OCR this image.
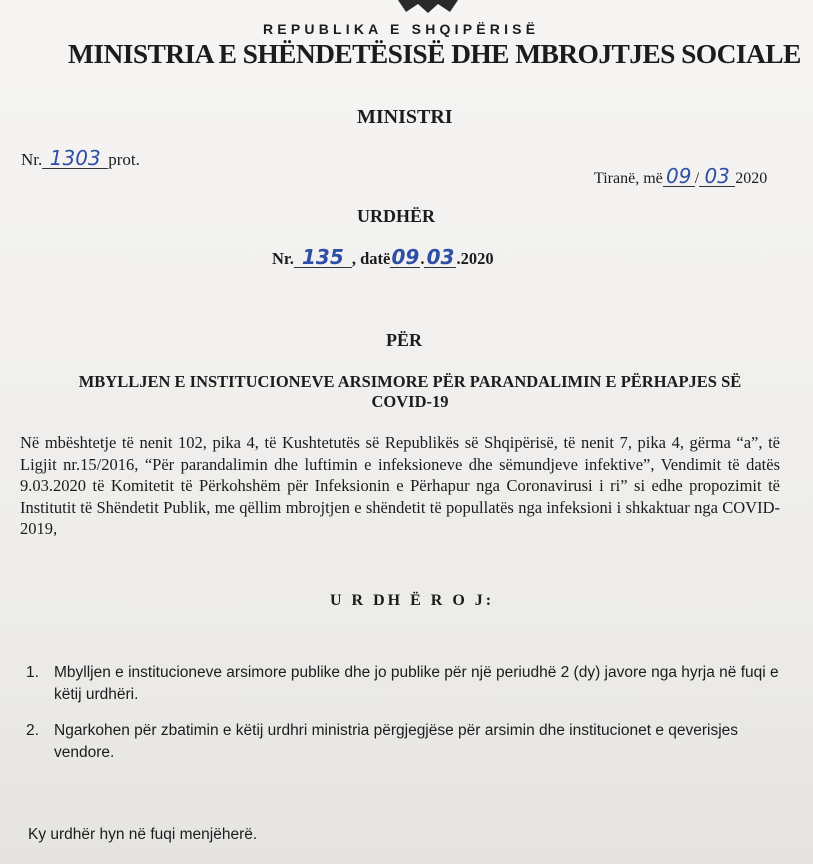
REPUBLIKA E SHQIPËRISË
MINISTRIA E SHËNDETËSISË DHE MBROJTJES SOCIALE
MINISTRI
Nr. 1303 prot.
Tiranë, më 09 / 03 2020
URDHËR
Nr. 135 , datë09. 03 .2020
PËR
MBYLLJEN E INSTITUCIONEVE ARSIMORE PËR PARANDALIMIN E PËRHAPJES SË COVID-19
Në mbështetje të nenit 102, pika 4, të Kushtetutës së Republikës së Shqipërisë, të nenit 7, pika 4, gërma “a”, të Ligjit nr.15/2016, “Për parandalimin dhe luftimin e infeksioneve dhe sëmundjeve infektive”, Vendimit të datës 9.03.2020 të Komitetit të Përkohshëm për Infeksionin e Përhapur nga Coronavirusi i ri” si edhe propozimit të Institutit të Shëndetit Publik, me qëllim mbrojtjen e shëndetit të popullatës nga infeksioni i shkaktuar nga COVID-2019,
U R DH Ë R O J:
1. Mbylljen e institucioneve arsimore publike dhe jo publike për një periudhë 2 (dy) javore nga hyrja në fuqi e këtij urdhëri.
2. Ngarkohen për zbatimin e këtij urdhri ministria përgjegjëse për arsimin dhe institucionet e qeverisjes vendore.
Ky urdhër hyn në fuqi menjëherë.
